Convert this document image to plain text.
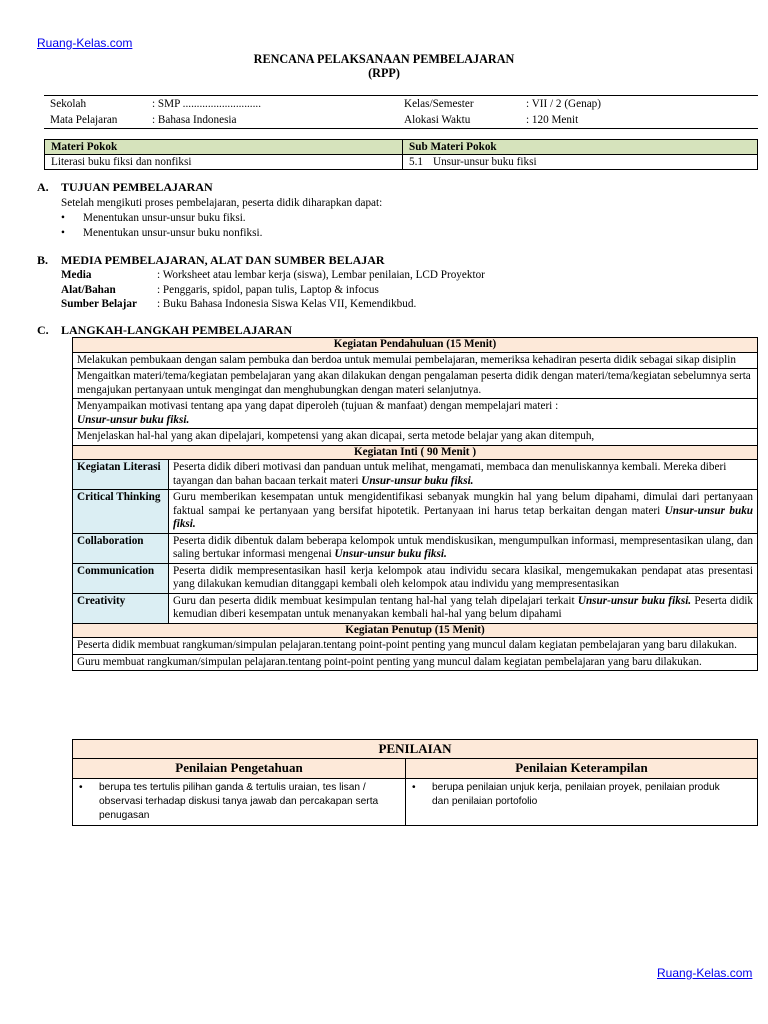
Ruang-Kelas.com
RENCANA PELAKSANAAN PEMBELAJARAN
(RPP)
Sekolah	: SMP ............................	Kelas/Semester	: VII / 2 (Genap)
Mata Pelajaran	: Bahasa Indonesia	Alokasi Waktu	: 120 Menit
Materi Pokok	Sub Materi Pokok
Literasi buku fiksi dan nonfiksi	5.1 Unsur-unsur buku fiksi
A. TUJUAN PEMBELAJARAN
Setelah mengikuti proses pembelajaran, peserta didik diharapkan dapat:
• Menentukan unsur-unsur buku fiksi.
• Menentukan unsur-unsur buku nonfiksi.
B. MEDIA PEMBELAJARAN, ALAT DAN SUMBER BELAJAR
Media	: Worksheet atau lembar kerja (siswa), Lembar penilaian, LCD Proyektor
Alat/Bahan	: Penggaris, spidol, papan tulis, Laptop & infocus
Sumber Belajar	: Buku Bahasa Indonesia Siswa Kelas VII, Kemendikbud.
C. LANGKAH-LANGKAH PEMBELAJARAN
Kegiatan Pendahuluan (15 Menit)	
Melakukan pembukaan dengan salam pembuka dan berdoa untuk memulai pembelajaran, memeriksa kehadiran peserta didik sebagai sikap disiplin	
Mengaitkan materi/tema/kegiatan pembelajaran yang akan dilakukan dengan pengalaman peserta didik dengan materi/tema/kegiatan sebelumnya serta mengajukan pertanyaan untuk mengingat dan menghubungkan dengan materi selanjutnya.	
Menyampaikan motivasi tentang apa yang dapat diperoleh (tujuan & manfaat) dengan mempelajari materi :
Unsur-unsur buku fiksi.	
Menjelaskan hal-hal yang akan dipelajari, kompetensi yang akan dicapai, serta metode belajar yang akan ditempuh,	
Kegiatan Inti ( 90 Menit )	
Kegiatan Literasi	Peserta didik diberi motivasi dan panduan untuk melihat, mengamati, membaca dan menuliskannya kembali. Mereka diberi tayangan dan bahan bacaan terkait materi Unsur-unsur buku fiksi.
Critical Thinking	Guru memberikan kesempatan untuk mengidentifikasi sebanyak mungkin hal yang belum dipahami, dimulai dari pertanyaan faktual sampai ke pertanyaan yang bersifat hipotetik. Pertanyaan ini harus tetap berkaitan dengan materi Unsur-unsur buku fiksi.
Collaboration	Peserta didik dibentuk dalam beberapa kelompok untuk mendiskusikan, mengumpulkan informasi, mempresentasikan ulang, dan saling bertukar informasi mengenai Unsur-unsur buku fiksi.
Communication	Peserta didik mempresentasikan hasil kerja kelompok atau individu secara klasikal, mengemukakan pendapat atas presentasi yang dilakukan kemudian ditanggapi kembali oleh kelompok atau individu yang mempresentasikan
Creativity	Guru dan peserta didik membuat kesimpulan tentang hal-hal yang telah dipelajari terkait Unsur-unsur buku fiksi. Peserta didik kemudian diberi kesempatan untuk menanyakan kembali hal-hal yang belum dipahami
Kegiatan Penutup (15 Menit)	
Peserta didik membuat rangkuman/simpulan pelajaran.tentang point-point penting yang muncul dalam kegiatan pembelajaran yang baru dilakukan.	
Guru membuat rangkuman/simpulan pelajaran.tentang point-point penting yang muncul dalam kegiatan pembelajaran yang baru dilakukan.	
PENILAIAN	
Penilaian Pengetahuan	Penilaian Keterampilan
• berupa tes tertulis pilihan ganda & tertulis uraian, tes lisan / observasi terhadap diskusi tanya jawab dan percakapan serta penugasan	• berupa penilaian unjuk kerja, penilaian proyek, penilaian produk dan penilaian portofolio
Ruang-Kelas.com
